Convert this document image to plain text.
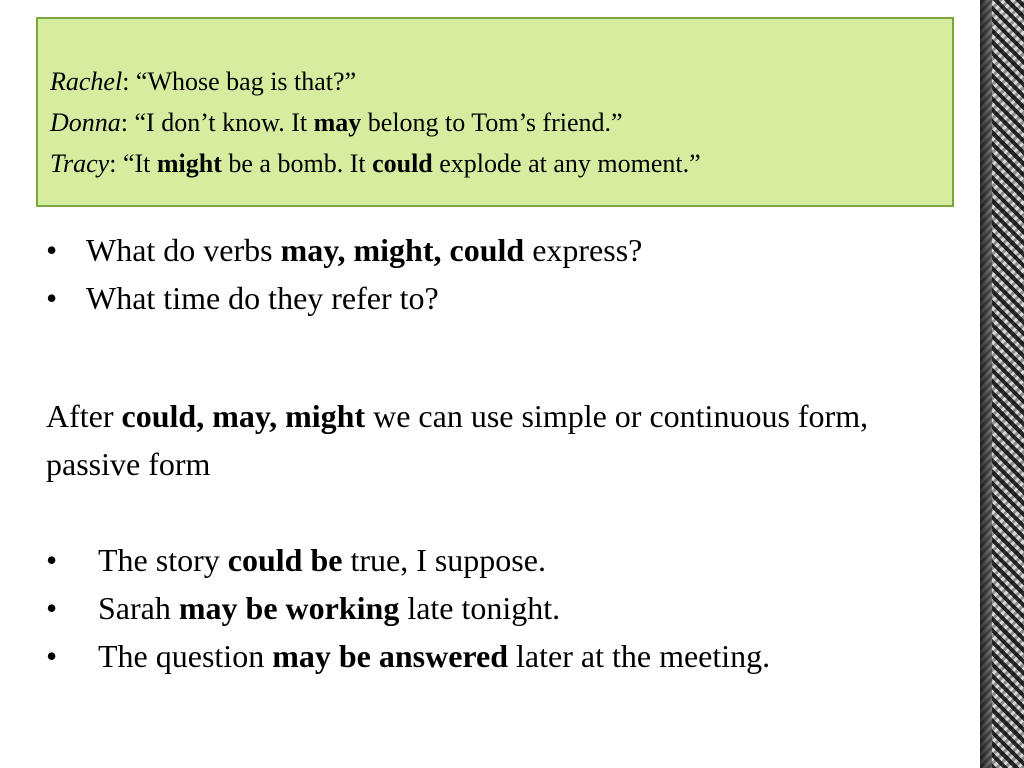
Rachel: “Whose bag is that?”
Donna: “I don’t know. It may belong to Tom’s friend.”
Tracy: “It might be a bomb. It could explode at any moment.”
• What do verbs may, might, could express?
• What time do they refer to?
After could, may, might we can use simple or continuous form, passive form
• The story could be true, I suppose.
• Sarah may be working late tonight.
• The question may be answered later at the meeting.
